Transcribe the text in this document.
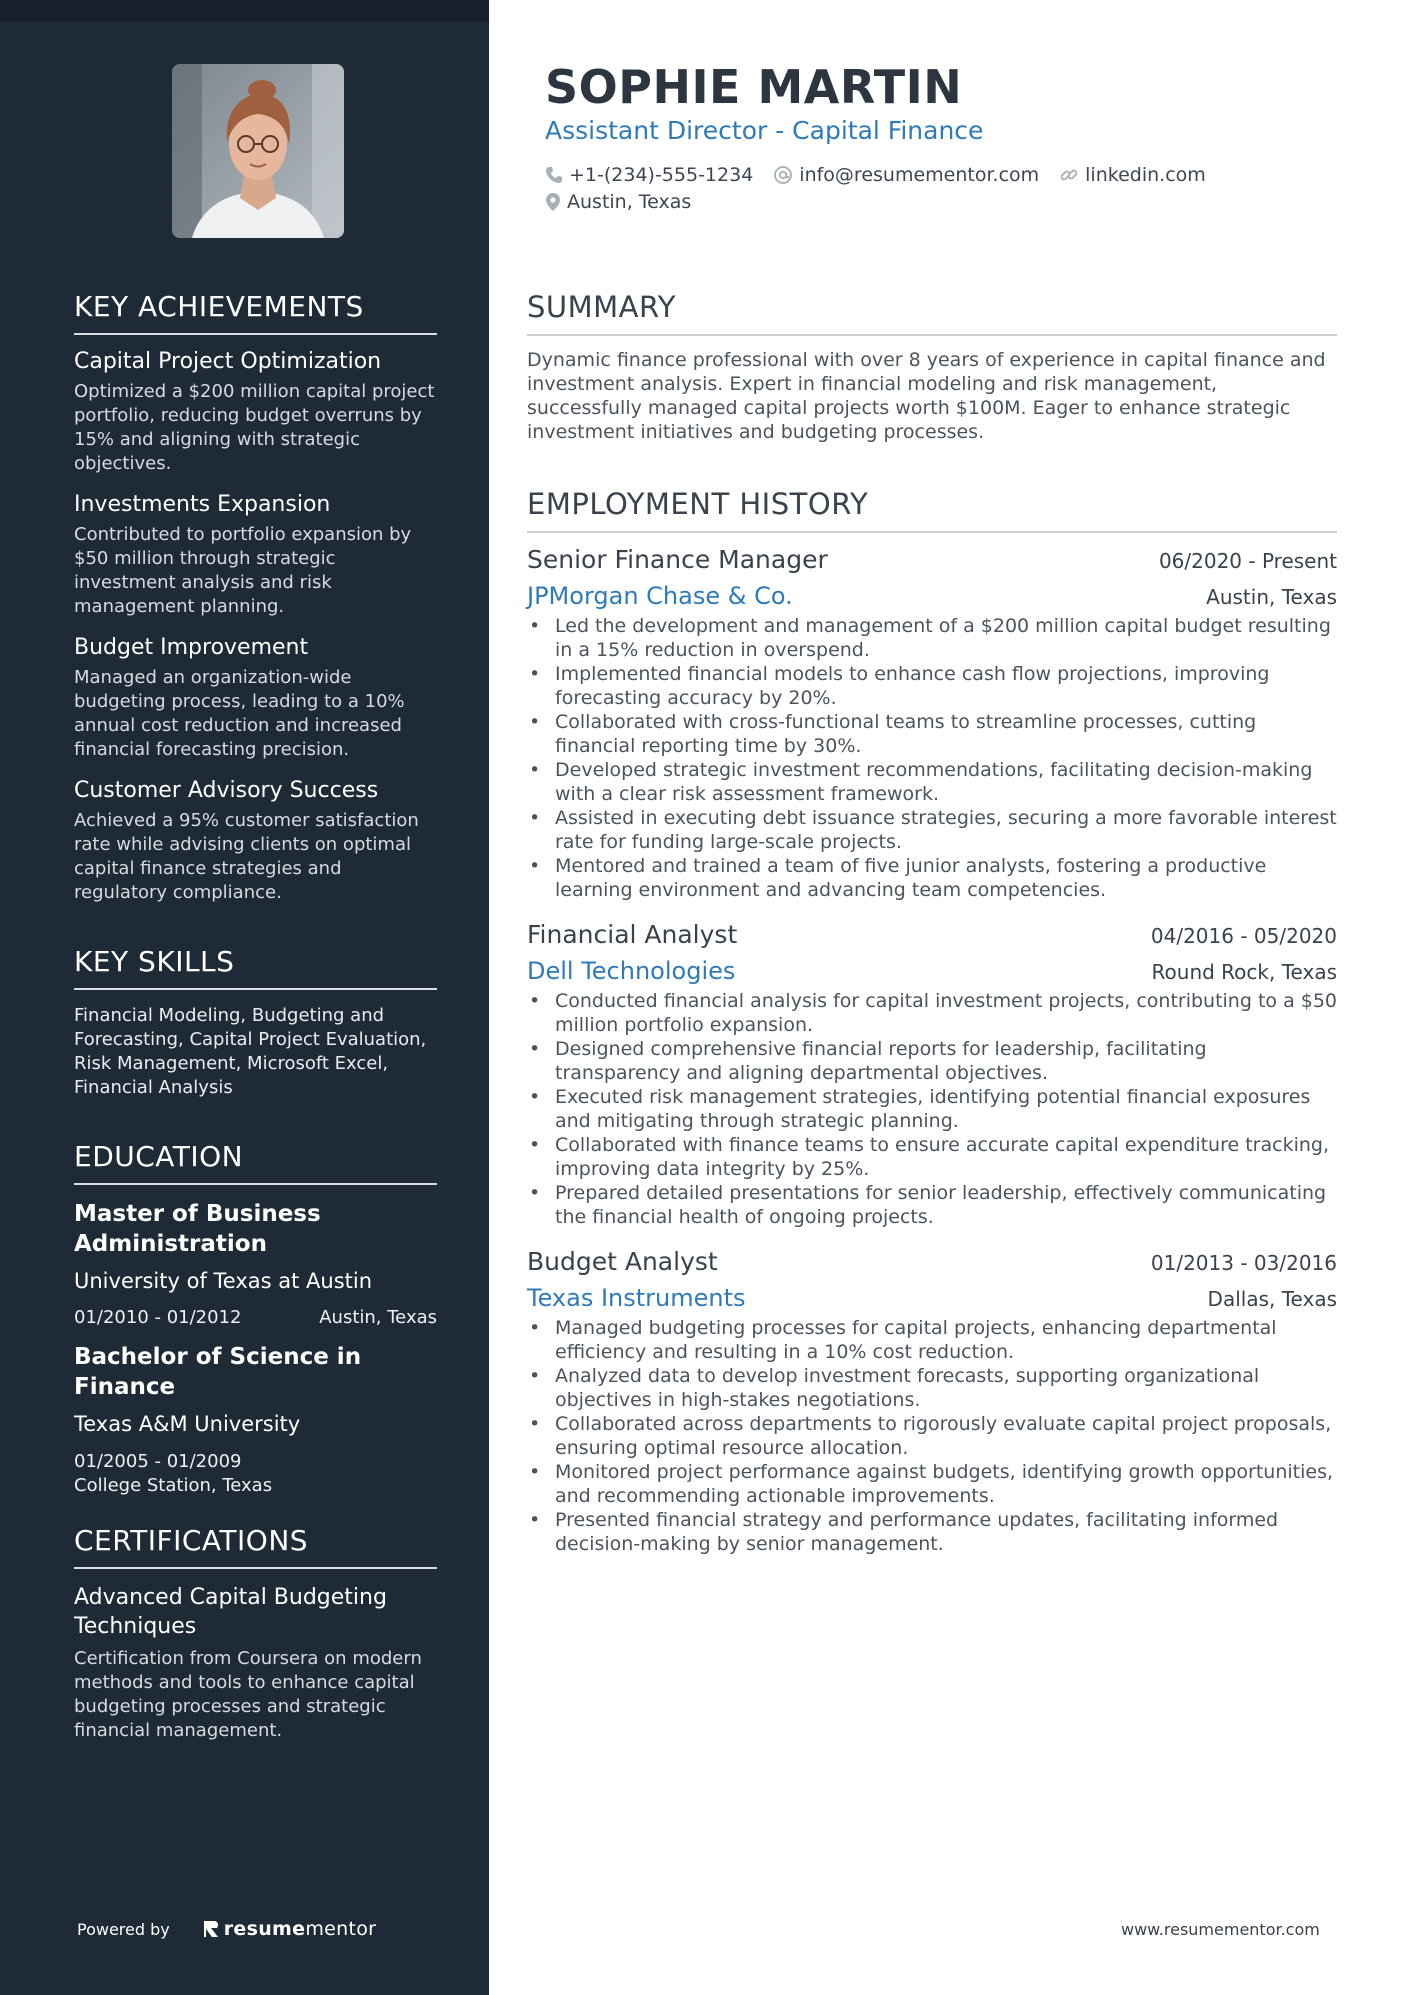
KEY ACHIEVEMENTS

Capital Project Optimization

Optimized a $200 million capital project portfolio, reducing budget overruns by 15% and aligning with strategic objectives.

Investments Expansion

Contributed to portfolio expansion by $50 million through strategic investment analysis and risk management planning.

Budget Improvement

Managed an organization-wide budgeting process, leading to a 10% annual cost reduction and increased financial forecasting precision.

Customer Advisory Success

Achieved a 95% customer satisfaction rate while advising clients on optimal capital finance strategies and regulatory compliance.

KEY SKILLS

Financial Modeling, Budgeting and Forecasting, Capital Project Evaluation, Risk Management, Microsoft Excel, Financial Analysis

EDUCATION

Master of Business Administration

University of Texas at Austin

01/2010 - 01/2012	Austin, Texas

Bachelor of Science in Finance

Texas A&M University

01/2005 - 01/2009
College Station, Texas
CERTIFICATIONS

Advanced Capital Budgeting Techniques

Certification from Coursera on modern methods and tools to enhance capital budgeting processes and strategic financial management.

Powered by	resume mentor
SOPHIE MARTIN

Assistant Director - Capital Finance

+1-(234)-555-1234 info@resumementor.com linkedin.com
Austin, Texas
SUMMARY

Dynamic finance professional with over 8 years of experience in capital finance and investment analysis. Expert in financial modeling and risk management, successfully managed capital projects worth $100M. Eager to enhance strategic investment initiatives and budgeting processes.

EMPLOYMENT HISTORY

Senior Finance Manager	06/2020 - Present

JPMorgan Chase & Co.	Austin, Texas
• Led the development and management of a $200 million capital budget resulting in a 15% reduction in overspend.
• Implemented financial models to enhance cash flow projections, improving forecasting accuracy by 20%.
• Collaborated with cross-functional teams to streamline processes, cutting financial reporting time by 30%.
• Developed strategic investment recommendations, facilitating decision-making with a clear risk assessment framework.
• Assisted in executing debt issuance strategies, securing a more favorable interest rate for funding large-scale projects.
• Mentored and trained a team of five junior analysts, fostering a productive learning environment and advancing team competencies.

Financial Analyst	04/2016 - 05/2020

Dell Technologies	Round Rock, Texas
• Conducted financial analysis for capital investment projects, contributing to a $50 million portfolio expansion.
• Designed comprehensive financial reports for leadership, facilitating transparency and aligning departmental objectives.
• Executed risk management strategies, identifying potential financial exposures and mitigating through strategic planning.
• Collaborated with finance teams to ensure accurate capital expenditure tracking, improving data integrity by 25%.
• Prepared detailed presentations for senior leadership, effectively communicating the financial health of ongoing projects.

Budget Analyst	01/2013 - 03/2016

Texas Instruments	Dallas, Texas
• Managed budgeting processes for capital projects, enhancing departmental efficiency and resulting in a 10% cost reduction.
• Analyzed data to develop investment forecasts, supporting organizational objectives in high-stakes negotiations.
• Collaborated across departments to rigorously evaluate capital project proposals, ensuring optimal resource allocation.
• Monitored project performance against budgets, identifying growth opportunities, and recommending actionable improvements.
• Presented financial strategy and performance updates, facilitating informed decision-making by senior management.
www.resumementor.com
